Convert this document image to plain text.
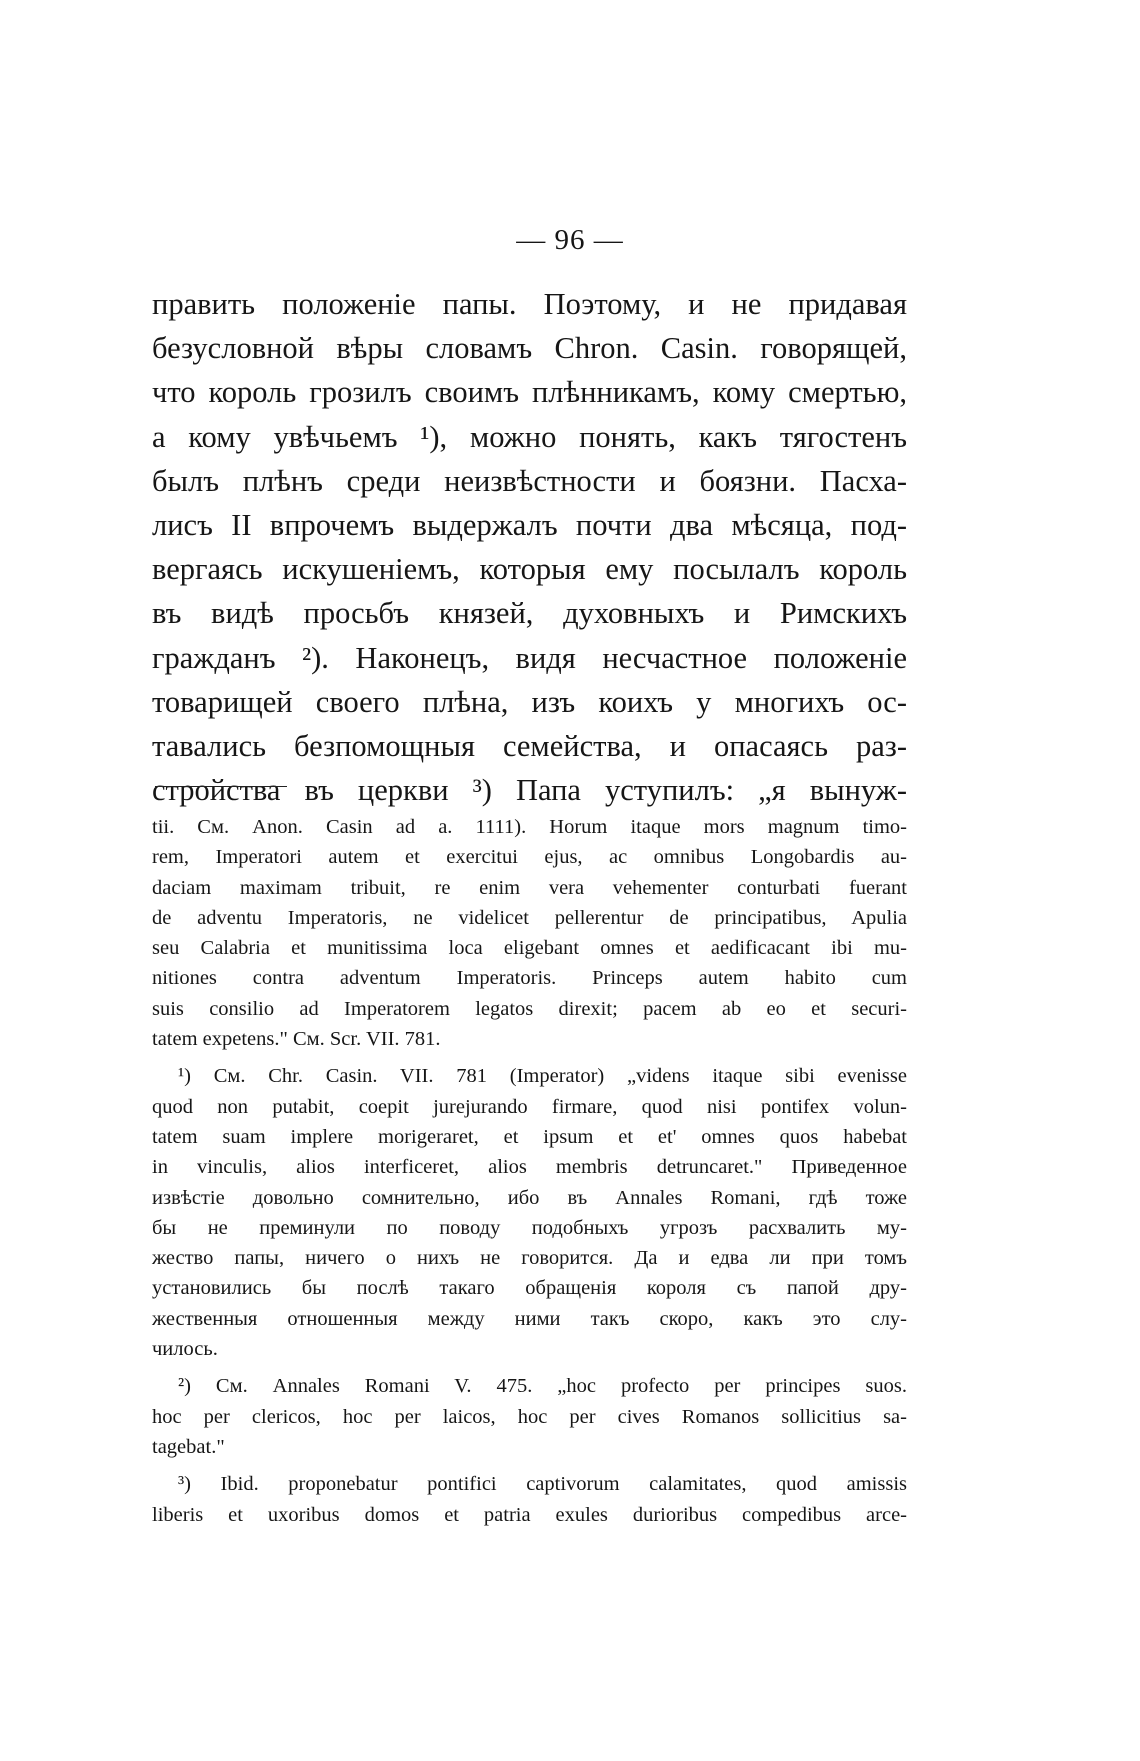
— 96 —
править положеніе папы. Поэтому, и не придавая
безусловной вѣры словамъ Chron. Casin. говорящей,
что король грозилъ своимъ плѣнникамъ, кому смертью,
а кому увѣчьемъ ¹), можно понять, какъ тягостенъ
былъ плѣнъ среди неизвѣстности и боязни. Пасха-
лисъ II впрочемъ выдержалъ почти два мѣсяца, под-
вергаясь искушеніемъ, которыя ему посылалъ король
въ видѣ просьбъ князей, духовныхъ и Римскихъ
гражданъ ²). Наконецъ, видя несчастное положеніе
товарищей своего плѣна, изъ коихъ у многихъ ос-
тавались безпомощныя семейства, и опасаясь раз-
стройства въ церкви ³) Папа уступилъ: „я вынуж-
tii. См. Anon. Casin ad a. 1111). Horum itaque mors magnum timo-
rem, Imperatori autem et exercitui ejus, ac omnibus Longobardis au-
daciam maximam tribuit, re enim vera vehementer conturbati fuerant
de adventu Imperatoris, ne videlicet pellerentur de principatibus, Apulia
seu Calabria et munitissima loca eligebant omnes et aedificacant ibi mu-
nitiones contra adventum Imperatoris. Princeps autem habito cum
suis consilio ad Imperatorem legatos direxit; pacem ab eo et securi-
tatem expetens." См. Scr. VII. 781.
¹) См. Chr. Casin. VII. 781 (Imperator) „videns itaque sibi evenisse
quod non putabit, coepit jurejurando firmare, quod nisi pontifex volun-
tatem suam implere morigeraret, et ipsum et et' omnes quos habebat
in vinculis, alios interficeret, alios membris detruncaret." Приведенное
извѣстіе довольно сомнительно, ибо въ Annales Romani, гдѣ тоже
бы не преминули по поводу подобныхъ угрозъ расхвалить му-
жество папы, ничего о нихъ не говорится. Да и едва ли при томъ
установились бы послѣ такаго обращенія короля съ папой дру-
жественныя отношенныя между ними такъ скоро, какъ это слу-
чилось.
²) См. Annales Romani V. 475. „hoc profecto per principes suos.
hoc per clericos, hoc per laicos, hoc per cives Romanos sollicitius sa-
tagebat."
³) Ibid. proponebatur pontifici captivorum calamitates, quod amissis
liberis et uxoribus domos et patria exules durioribus compedibus arce-
